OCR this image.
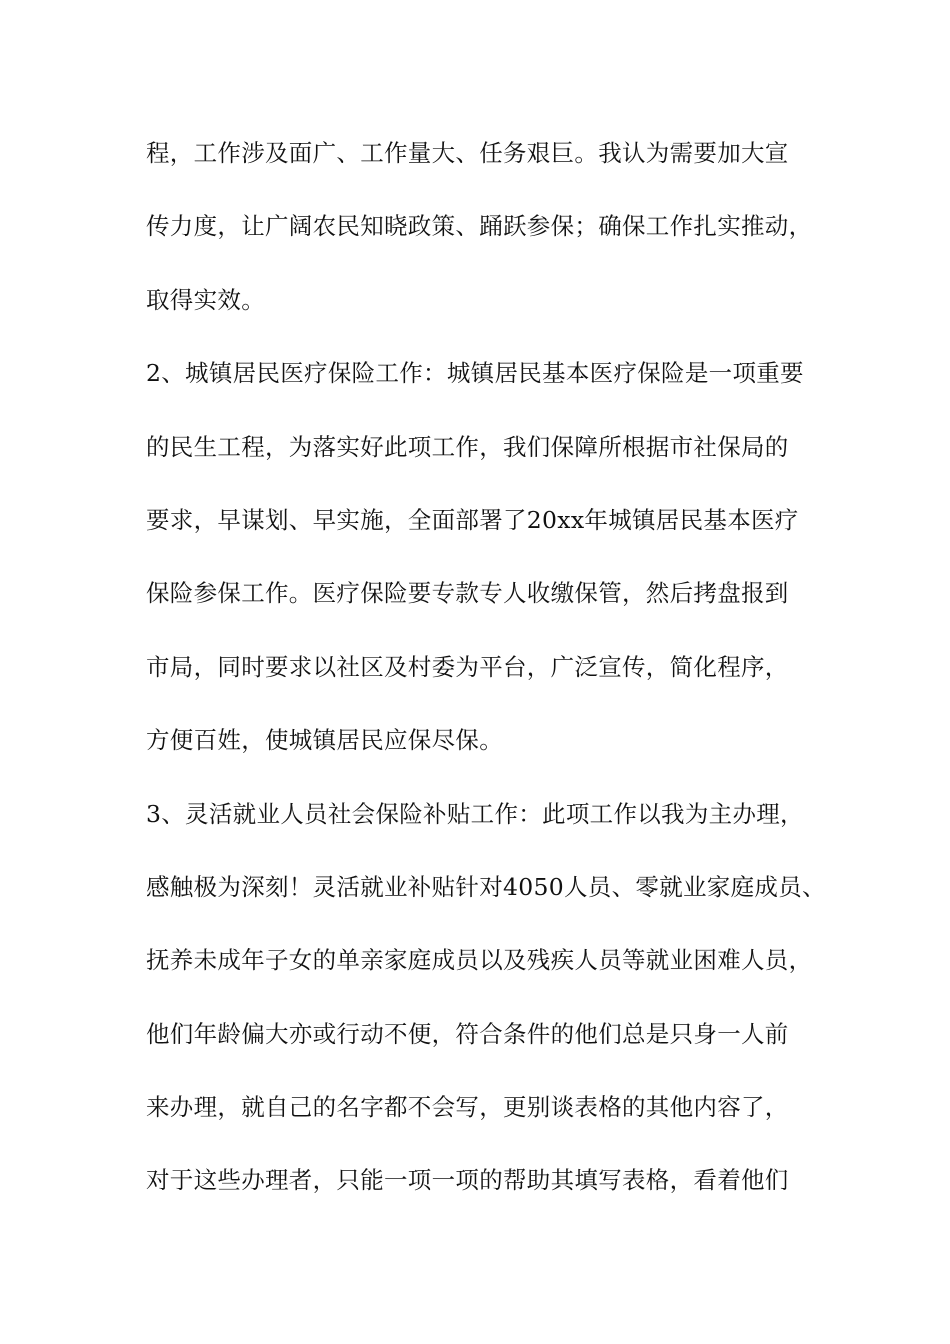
程，工作涉及面广、工作量大、任务艰巨。我认为需要加大宣
传力度，让广阔农民知晓政策、踊跃参保；确保工作扎实推动，
取得实效。
2、城镇居民医疗保险工作：城镇居民基本医疗保险是一项重要
的民生工程，为落实好此项工作，我们保障所根据市社保局的
要求，早谋划、早实施，全面部署了20xx年城镇居民基本医疗
保险参保工作。医疗保险要专款专人收缴保管，然后拷盘报到
市局，同时要求以社区及村委为平台，广泛宣传，简化程序，
方便百姓，使城镇居民应保尽保。
3、灵活就业人员社会保险补贴工作：此项工作以我为主办理，
感触极为深刻！灵活就业补贴针对4050人员、零就业家庭成员、
抚养未成年子女的单亲家庭成员以及残疾人员等就业困难人员，
他们年龄偏大亦或行动不便，符合条件的他们总是只身一人前
来办理，就自己的名字都不会写，更别谈表格的其他内容了，
对于这些办理者，只能一项一项的帮助其填写表格，看着他们
